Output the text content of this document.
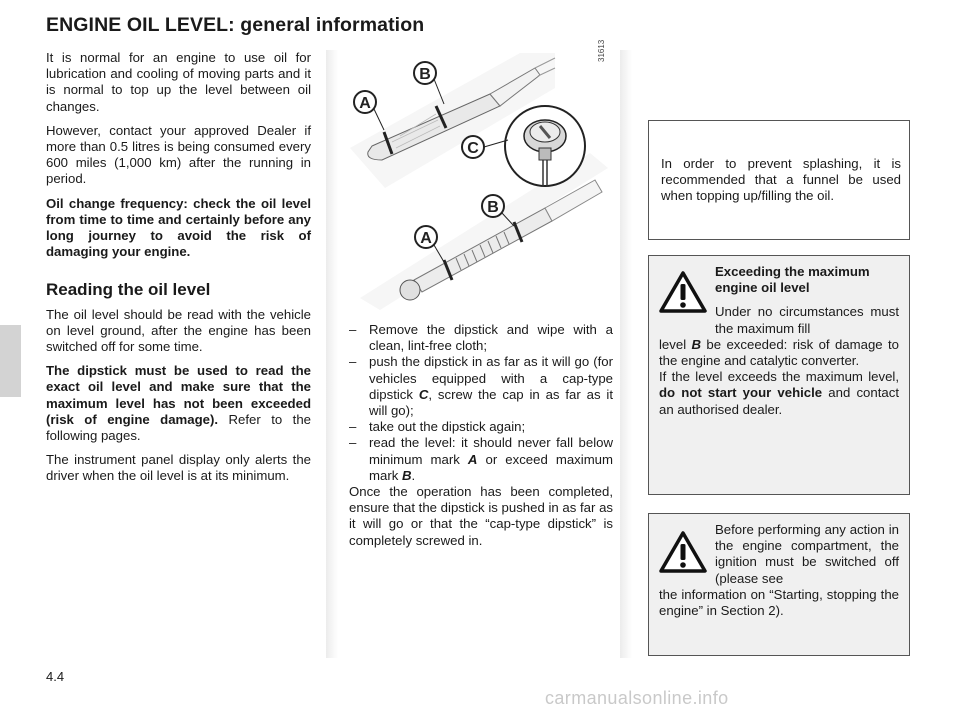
ENGINE OIL LEVEL: general information

It is normal for an engine to use oil for lubrication and cooling of moving parts and it is normal to top up the level between oil changes.

However, contact your approved Dealer if more than 0.5 litres is being consumed every 600 miles (1,000 km) after the running in period.

Oil change frequency: check the oil level from time to time and certainly before any long journey to avoid the risk of damaging your engine.

Reading the oil level

The oil level should be read with the vehicle on level ground, after the engine has been switched off for some time.

The dipstick must be used to read the exact oil level and make sure that the maximum level has not been exceeded (risk of engine damage). Refer to the following pages.

The instrument panel display only alerts the driver when the oil level is at its minimum.

B
A
C
B
A
31613
– Remove the dipstick and wipe with a clean, lint-free cloth;
– push the dipstick in as far as it will go (for vehicles equipped with a cap-type dipstick C, screw the cap in as far as it will go);
– take out the dipstick again;
– read the level: it should never fall below minimum mark A or exceed maximum mark B.
Once the operation has been completed, ensure that the dipstick is pushed in as far as it will go or that the “cap-type dipstick” is completely screwed in.
In order to prevent splashing, it is recommended that a funnel be used when topping up/filling the oil.
Exceeding the maximum engine oil level
Under no circumstances must the maximum fill
level B be exceeded: risk of damage to the engine and catalytic converter.
If the level exceeds the maximum level, do not start your vehicle and contact an authorised dealer.
Before performing any action in the engine compartment, the ignition must be switched off (please see
the information on “Starting, stopping the engine” in Section 2).
4.4
carmanualsonline.info
